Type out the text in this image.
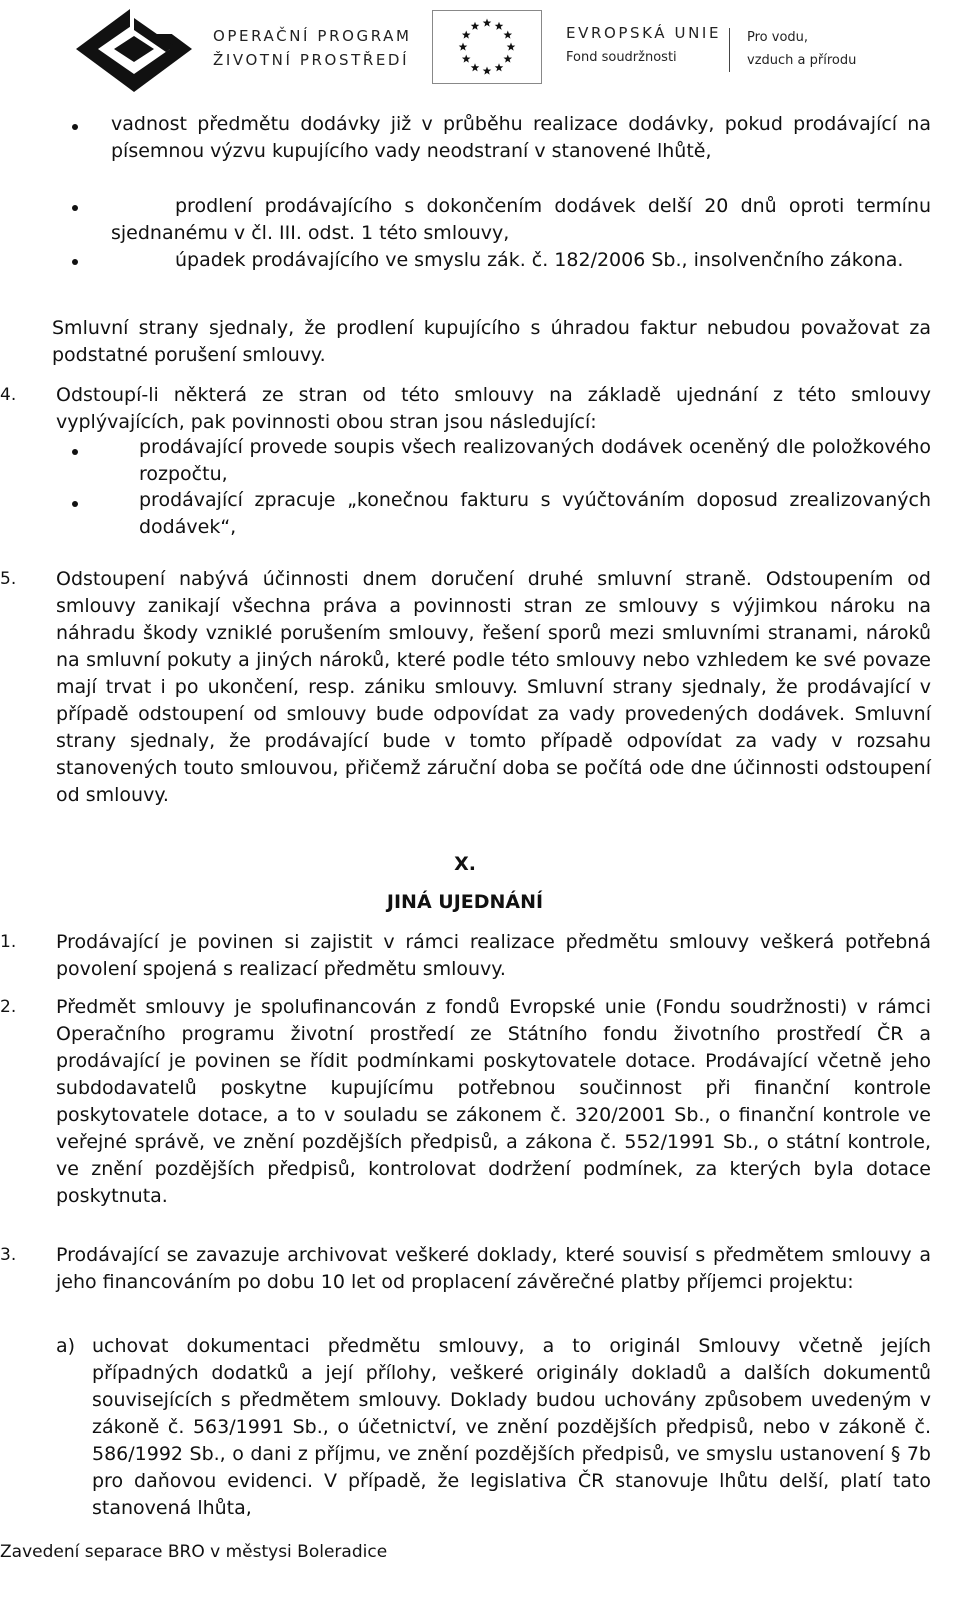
OPERAČNÍ PROGRAM
ŽIVOTNÍ PROSTŘEDÍ
EVROPSKÁ UNIE
Fond soudržnosti
Pro vodu,
vzduch a přírodu

vadnost předmětu dodávky již v průběhu realizace dodávky, pokud prodávající na písemnou výzvu kupujícího vady neodstraní v stanovené lhůtě,

prodlení prodávajícího s dokončením dodávek delší 20 dnů oproti termínu sjednanému v čl. III. odst. 1 této smlouvy,

úpadek prodávajícího ve smyslu zák. č. 182/2006 Sb., insolvenčního zákona.

Smluvní strany sjednaly, že prodlení kupujícího s úhradou faktur nebudou považovat za podstatné porušení smlouvy.

4. Odstoupí-li některá ze stran od této smlouvy na základě ujednání z této smlouvy vyplývajících, pak povinnosti obou stran jsou následující:

prodávající provede soupis všech realizovaných dodávek oceněný dle položkového rozpočtu,

prodávající zpracuje „konečnou fakturu s vyúčtováním doposud zrealizovaných dodávek“,

5. Odstoupení nabývá účinnosti dnem doručení druhé smluvní straně. Odstoupením od smlouvy zanikají všechna práva a povinnosti stran ze smlouvy s výjimkou nároku na náhradu škody vzniklé porušením smlouvy, řešení sporů mezi smluvními stranami, nároků na smluvní pokuty a jiných nároků, které podle této smlouvy nebo vzhledem ke své povaze mají trvat i po ukončení, resp. zániku smlouvy. Smluvní strany sjednaly, že prodávající v případě odstoupení od smlouvy bude odpovídat za vady provedených dodávek. Smluvní strany sjednaly, že prodávající bude v tomto případě odpovídat za vady v rozsahu stanovených touto smlouvou, přičemž záruční doba se počítá ode dne účinnosti odstoupení od smlouvy.

X.
JINÁ UJEDNÁNÍ
1. Prodávající je povinen si zajistit v rámci realizace předmětu smlouvy veškerá potřebná povolení spojená s realizací předmětu smlouvy.

2. Předmět smlouvy je spolufinancován z fondů Evropské unie (Fondu soudržnosti) v rámci Operačního programu životní prostředí ze Státního fondu životního prostředí ČR a prodávající je povinen se řídit podmínkami poskytovatele dotace. Prodávající včetně jeho subdodavatelů poskytne kupujícímu potřebnou součinnost při finanční kontrole poskytovatele dotace, a to v souladu se zákonem č. 320/2001 Sb., o finanční kontrole ve veřejné správě, ve znění pozdějších předpisů, a zákona č. 552/1991 Sb., o státní kontrole, ve znění pozdějších předpisů, kontrolovat dodržení podmínek, za kterých byla dotace poskytnuta.

3. Prodávající se zavazuje archivovat veškeré doklady, které souvisí s předmětem smlouvy a jeho financováním po dobu 10 let od proplacení závěrečné platby příjemci projektu:

a) uchovat dokumentaci předmětu smlouvy, a to originál Smlouvy včetně jejích případných dodatků a její přílohy, veškeré originály dokladů a dalších dokumentů souvisejících s předmětem smlouvy. Doklady budou uchovány způsobem uvedeným v zákoně č. 563/1991 Sb., o účetnictví, ve znění pozdějších předpisů, nebo v zákoně č. 586/1992 Sb., o dani z příjmu, ve znění pozdějších předpisů, ve smyslu ustanovení § 7b pro daňovou evidenci. V případě, že legislativa ČR stanovuje lhůtu delší, platí tato stanovená lhůta,

Zavedení separace BRO v městysi Boleradice
